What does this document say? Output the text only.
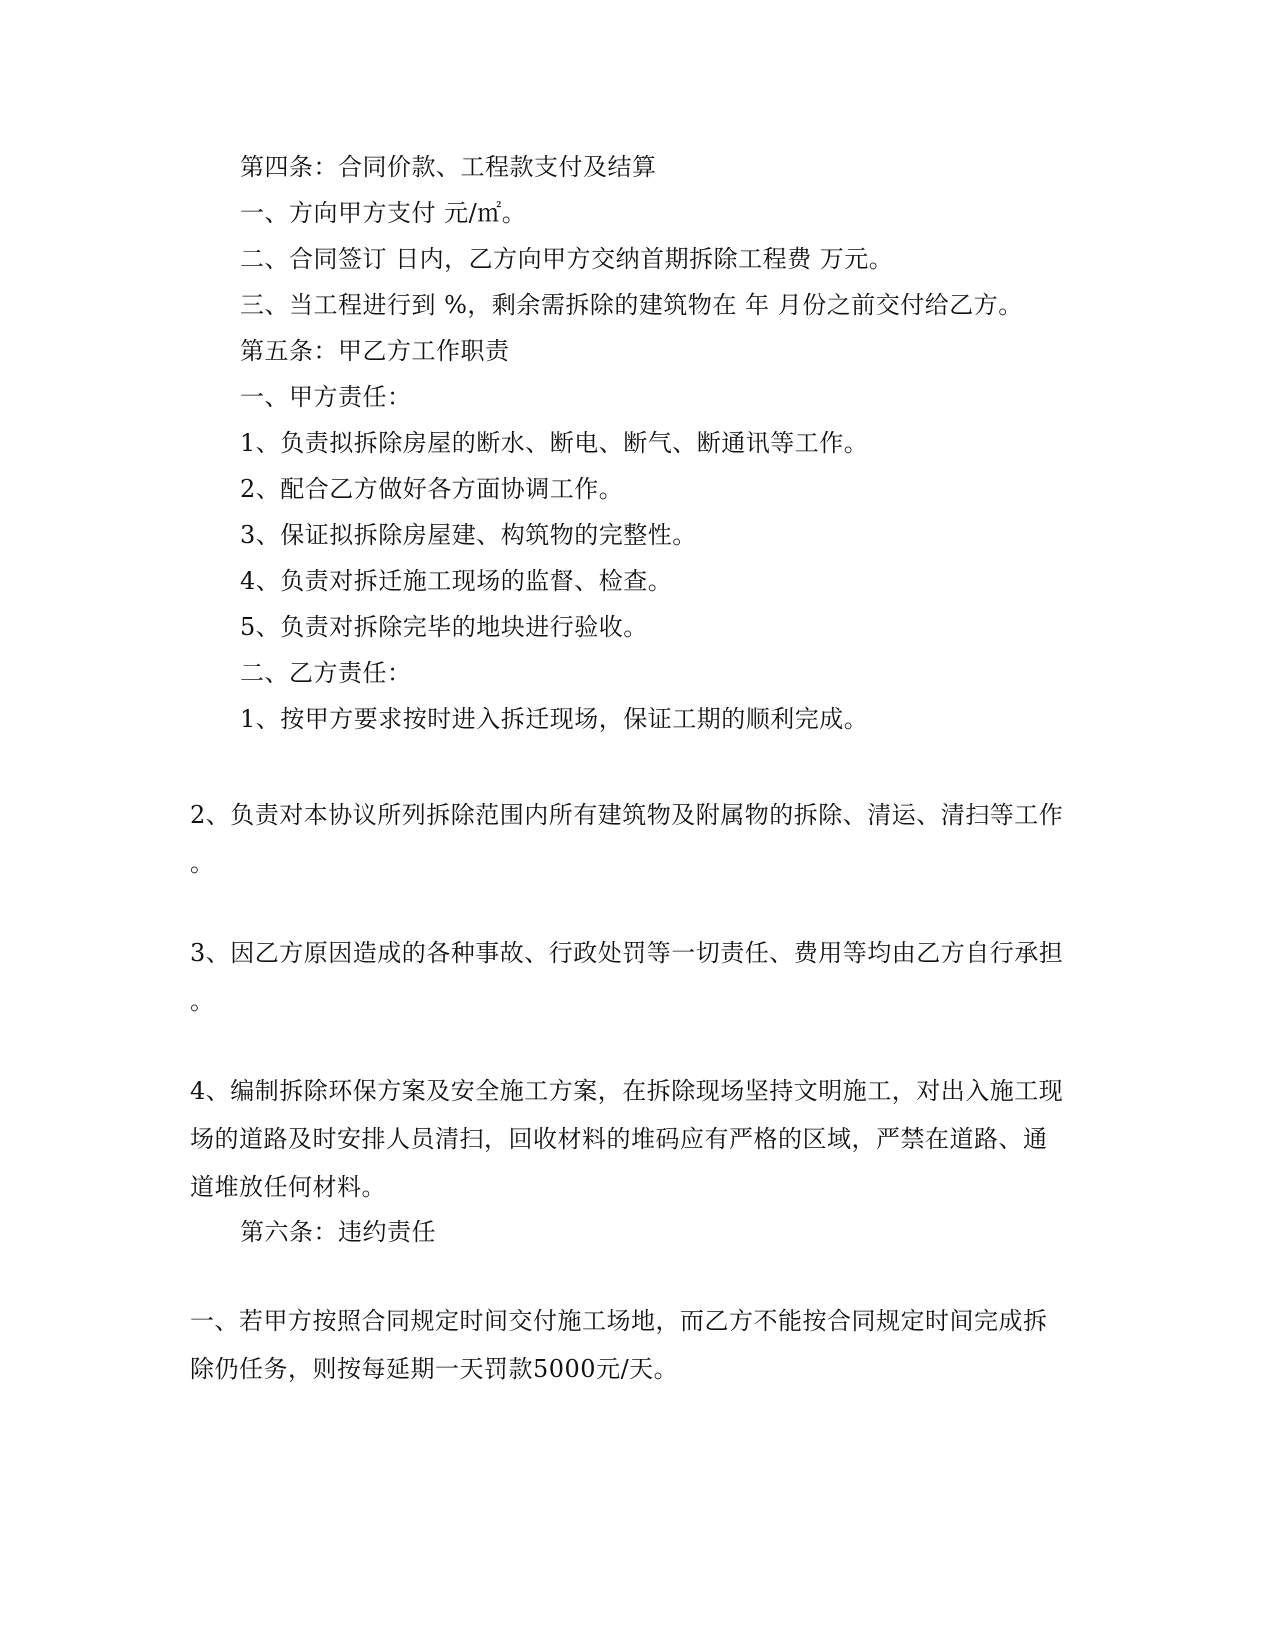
第四条：合同价款、工程款支付及结算
一、方向甲方支付 元/㎡。
二、合同签订 日内，乙方向甲方交纳首期拆除工程费 万元。
三、当工程进行到 %，剩余需拆除的建筑物在 年 月份之前交付给乙方。
第五条：甲乙方工作职责
一、甲方责任：
1、负责拟拆除房屋的断水、断电、断气、断通讯等工作。
2、配合乙方做好各方面协调工作。
3、保证拟拆除房屋建、构筑物的完整性。
4、负责对拆迁施工现场的监督、检查。
5、负责对拆除完毕的地块进行验收。
二、乙方责任：
1、按甲方要求按时进入拆迁现场，保证工期的顺利完成。
2、负责对本协议所列拆除范围内所有建筑物及附属物的拆除、清运、清扫等工作
。
3、因乙方原因造成的各种事故、行政处罚等一切责任、费用等均由乙方自行承担
。
4、编制拆除环保方案及安全施工方案，在拆除现场坚持文明施工，对出入施工现
场的道路及时安排人员清扫，回收材料的堆码应有严格的区域，严禁在道路、通
道堆放任何材料。
第六条：违约责任
一、若甲方按照合同规定时间交付施工场地，而乙方不能按合同规定时间完成拆
除仍任务，则按每延期一天罚款5000元/天。
